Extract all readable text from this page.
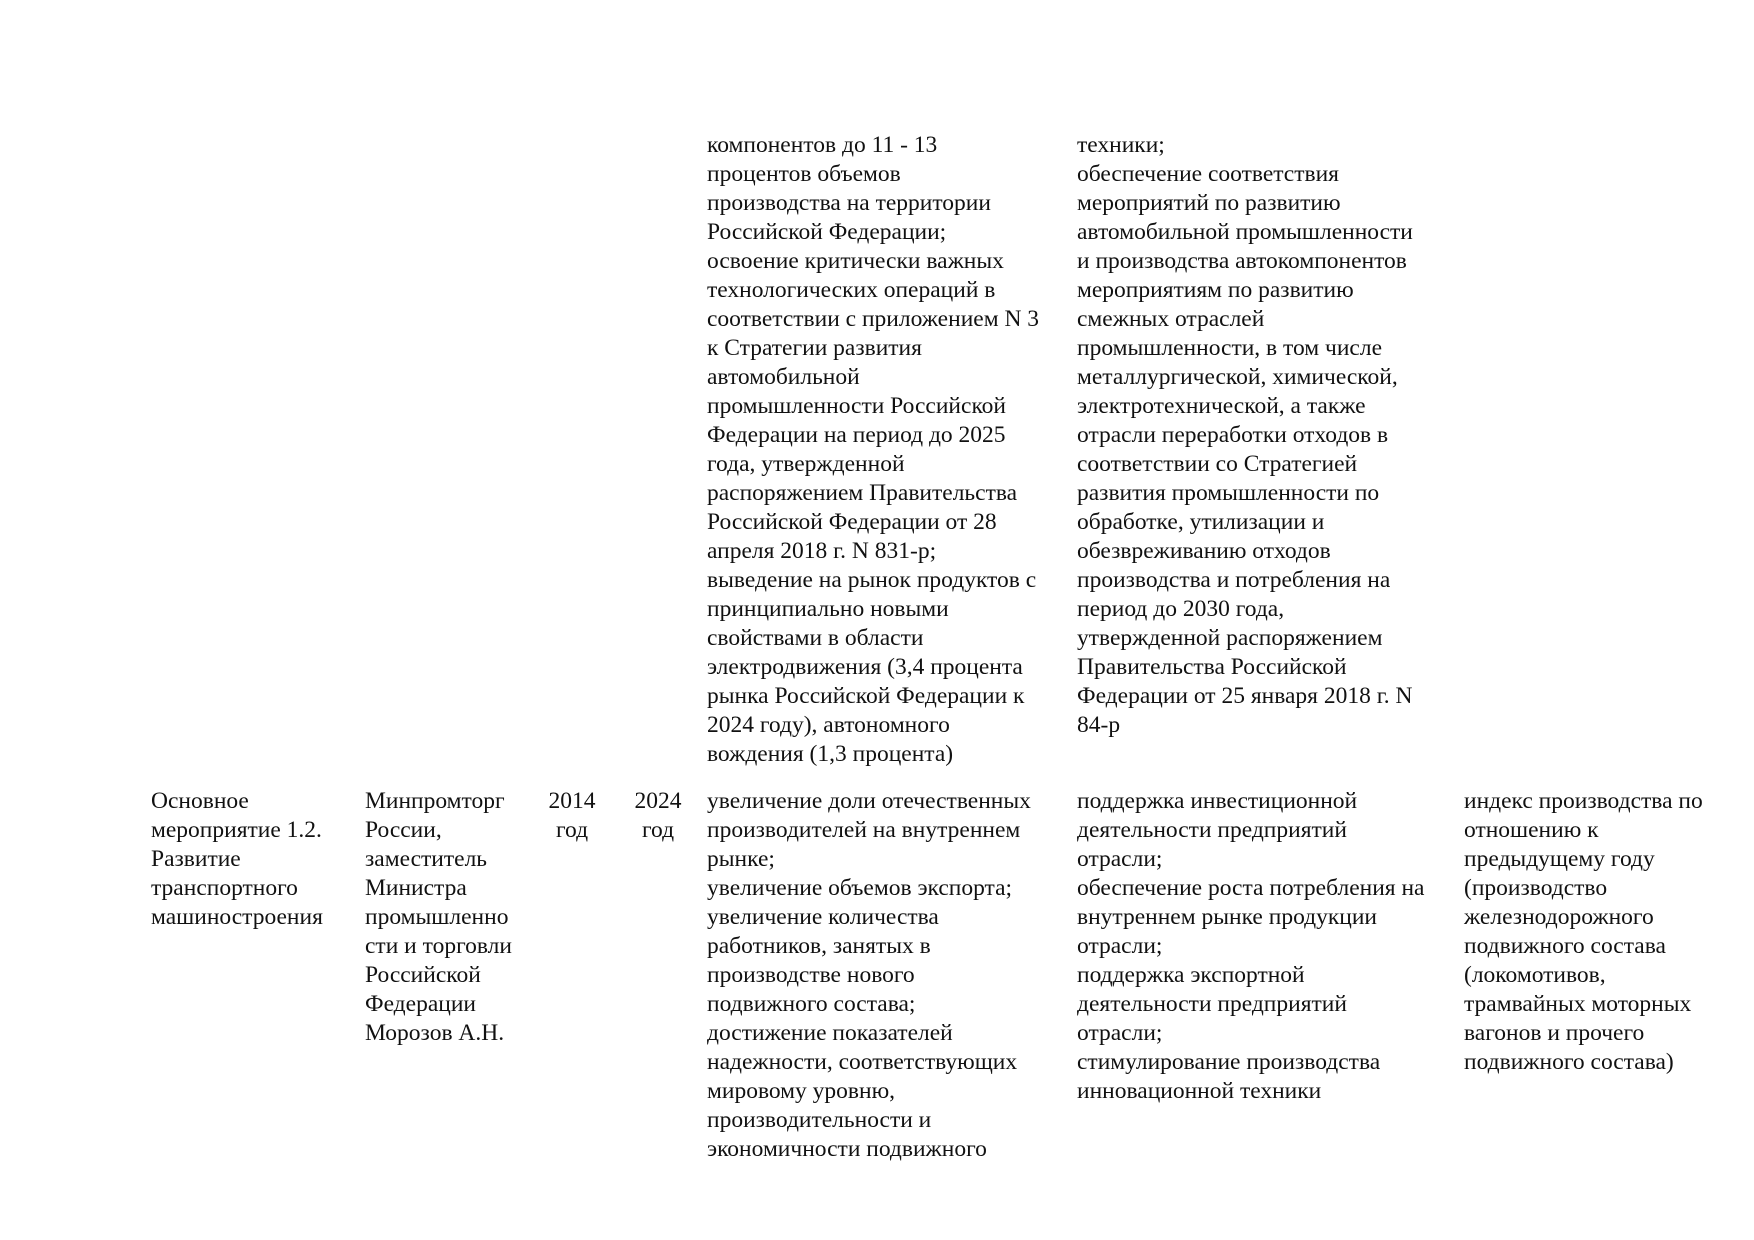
компонентов до 11 - 13
процентов объемов
производства на территории
Российской Федерации;
освоение критически важных
технологических операций в
соответствии с приложением N 3
к Стратегии развития
автомобильной
промышленности Российской
Федерации на период до 2025
года, утвержденной
распоряжением Правительства
Российской Федерации от 28
апреля 2018 г. N 831-р;
выведение на рынок продуктов с
принципиально новыми
свойствами в области
электродвижения (3,4 процента
рынка Российской Федерации к
2024 году), автономного
вождения (1,3 процента)
техники;
обеспечение соответствия
мероприятий по развитию
автомобильной промышленности
и производства автокомпонентов
мероприятиям по развитию
смежных отраслей
промышленности, в том числе
металлургической, химической,
электротехнической, а также
отрасли переработки отходов в
соответствии со Стратегией
развития промышленности по
обработке, утилизации и
обезвреживанию отходов
производства и потребления на
период до 2030 года,
утвержденной распоряжением
Правительства Российской
Федерации от 25 января 2018 г. N
84-р
Основное
мероприятие 1.2.
Развитие
транспортного
машиностроения
Минпромторг
России,
заместитель
Министра
промышленно
сти и торговли
Российской
Федерации
Морозов А.Н.
2014
год
2024
год
увеличение доли отечественных
производителей на внутреннем
рынке;
увеличение объемов экспорта;
увеличение количества
работников, занятых в
производстве нового
подвижного состава;
достижение показателей
надежности, соответствующих
мировому уровню,
производительности и
экономичности подвижного
поддержка инвестиционной
деятельности предприятий
отрасли;
обеспечение роста потребления на
внутреннем рынке продукции
отрасли;
поддержка экспортной
деятельности предприятий
отрасли;
стимулирование производства
инновационной техники
индекс производства по
отношению к
предыдущему году
(производство
железнодорожного
подвижного состава
(локомотивов,
трамвайных моторных
вагонов и прочего
подвижного состава)
